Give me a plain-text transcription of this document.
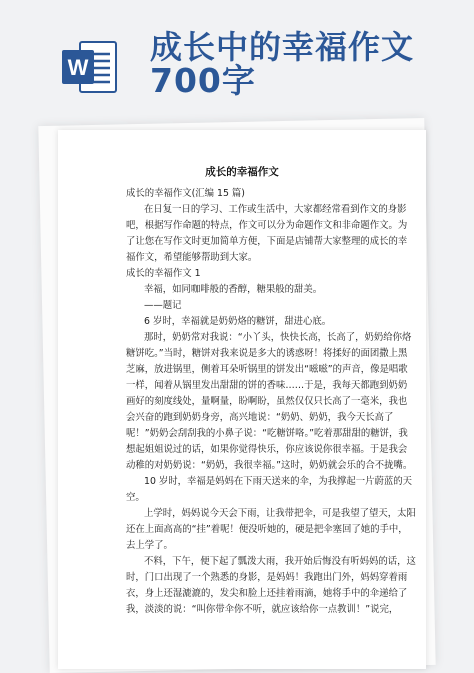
W
成长中的幸福作文
700字
成长的幸福作文

成长的幸福作文(汇编 15 篇)

在日复一日的学习、工作或生活中，大家都经常看到作文的身影吧，根据写作命题的特点，作文可以分为命题作文和非命题作文。为了让您在写作文时更加简单方便，下面是店铺帮大家整理的成长的幸福作文，希望能够帮助到大家。

成长的幸福作文 1

幸福，如同咖啡般的香醇，糖果般的甜美。

——题记

6 岁时，幸福就是奶奶烙的糖饼，甜进心底。

那时，奶奶常对我说：“小丫头，快快长高，长高了，奶奶给你烙糖饼吃。”当时，糖饼对我来说是多大的诱惑呀！将揉好的面团撒上黑芝麻，放进锅里，侧着耳朵听锅里的饼发出“嗞嗞”的声音，像是唱歌一样，闻着从锅里发出甜甜的饼的香味……于是，我每天都跑到奶奶画好的刻度线处，量啊量，盼啊盼，虽然仅仅只长高了一毫米，我也会兴奋的跑到奶奶身旁，高兴地说：“奶奶、奶奶，我今天长高了呢！”奶奶会刮刮我的小鼻子说：“吃糖饼咯。”吃着那甜甜的糖饼，我想起姐姐说过的话，如果你觉得快乐，你应该说你很幸福。于是我会动稚的对奶奶说：“奶奶，我很幸福。”这时，奶奶就会乐的合不拢嘴。

10 岁时，幸福是妈妈在下雨天送来的伞，为我撑起一片蔚蓝的天空。

上学时，妈妈说今天会下雨，让我带把伞，可是我望了望天，太阳还在上面高高的“挂”着呢！便没听她的，硬是把伞塞回了她的手中，去上学了。

不料，下午，便下起了瓢泼大雨，我开始后悔没有听妈妈的话，这时，门口出现了一个熟悉的身影，是妈妈！我跑出门外，妈妈穿着雨衣，身上还湿漉漉的，发尖和脸上还挂着雨滴，她将手中的伞递给了我，淡淡的说：“叫你带伞你不听，就应该给你一点教训！”说完，
